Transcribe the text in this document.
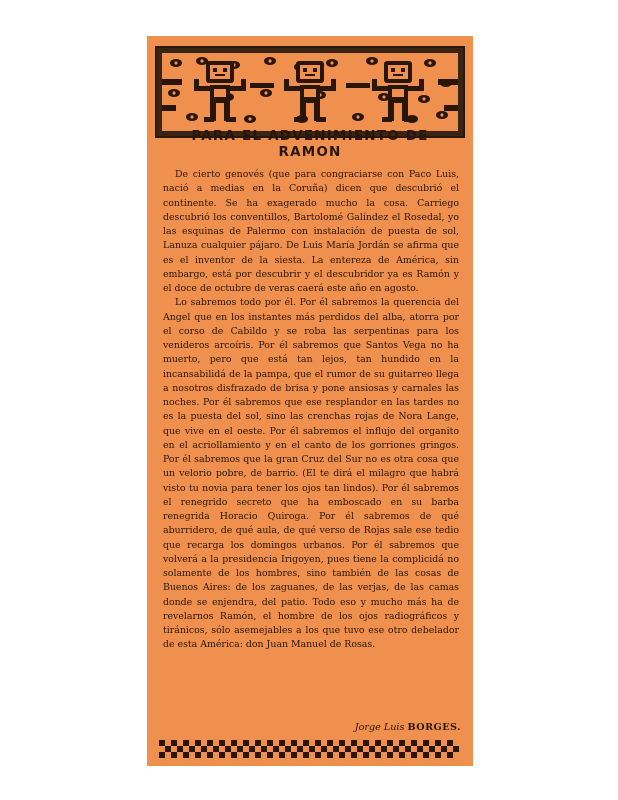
PARA EL ADVENIMIENTO DE
RAMON

De cierto genovés (que para congraciarse con Paco Luis, nació a medias en la Coruña) dicen que descubrió el continente. Se ha exagerado mucho la cosa. Carriego descubrió los conventillos, Bartolomé Galíndez el Rosedal, yo las esquinas de Palermo con instalación de puesta de sol, Lanuza cualquier pájaro. De Luis María Jordán se afirma que es el inventor de la siesta. La entereza de América, sin embargo, está por descubrir y el descubridor ya es Ramón y el doce de octubre de veras caerá este año en agosto.

Lo sabremos todo por él. Por él sabremos la querencia del Angel que en los instantes más perdidos del alba, atorra por el corso de Cabildo y se roba las serpentinas para los venideros arcoíris. Por él sabremos que Santos Vega no ha muerto, pero que está tan lejos, tan hundido en la incansabilidá de la pampa, que el rumor de su guitarreo llega a nosotros disfrazado de brisa y pone ansiosas y carnales las noches. Por él sabremos que ese resplandor en las tardes no es la puesta del sol, sino las crenchas rojas de Nora Lange, que vive en el oeste. Por él sabremos el influjo del organito en el acriollamiento y en el canto de los gorriones gringos. Por él sabremos que la gran Cruz del Sur no es otra cosa que un velorio pobre, de barrio. (El te dirá el milagro que habrá visto tu novia para tener los ojos tan lindos). Por él sabremos el renegrido secreto que ha emboscado en su barba renegrida Horacio Quiroga. Por él sabremos de qué aburridero, de qué aula, de qué verso de Rojas sale ese tedio que recarga los domingos urbanos. Por él sabremos que volverá a la presidencia Irigoyen, pues tiene la complicidá no solamente de los hombres, sino también de las cosas de Buenos Aires: de los zaguanes, de las verjas, de las camas donde se enjendra, del patio. Todo eso y mucho más ha de revelarnos Ramón, el hombre de los ojos radiográficos y tiránicos, sólo asemejables a los que tuvo ese otro debelador de esta América: don Juan Manuel de Rosas.

Jorge Luis BORGES.
